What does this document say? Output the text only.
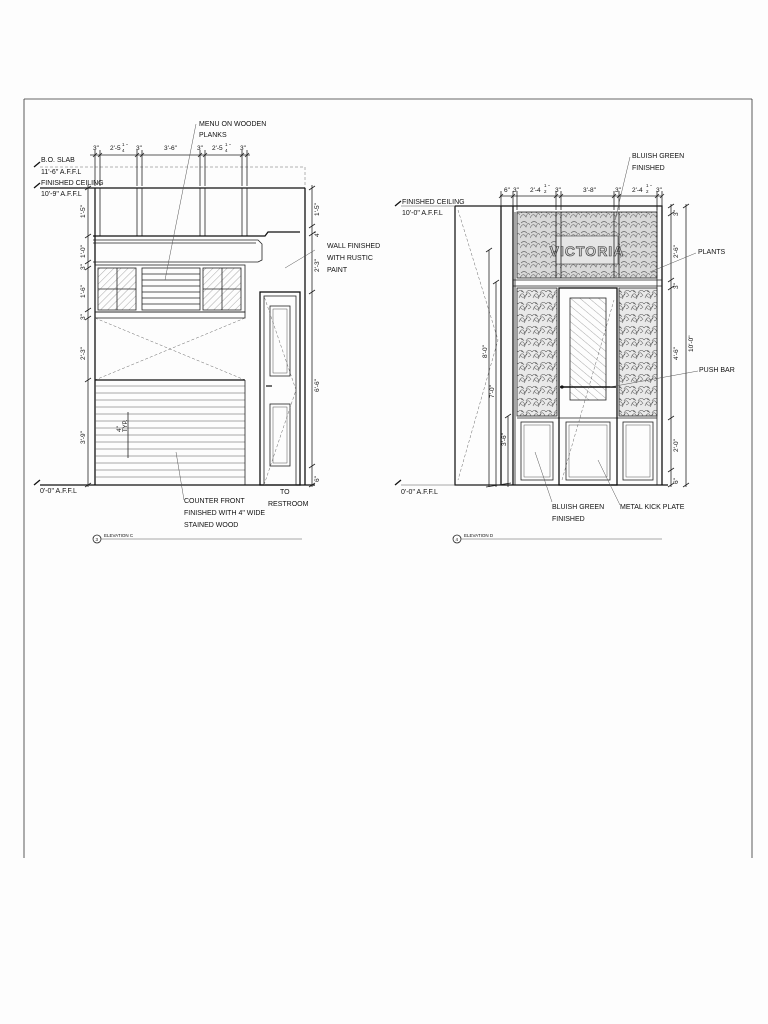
3" 2'-5
1
4
" 3"	3'-6"	3" 2'-5
1
4
" 3"
1'-5"
1'-0"
3"
1'-6"
3"
2'-3"
3'-9"
1'-5"
4"
2'-3"
6'-6"
6"
4" TYP.
B.O. SLAB
11'-6" A.F.F.L
FINISHED CEILING
10'-9" A.F.F.L
0'-0" A.F.F.L
MENU ON WOODEN
PLANKS
WALL FINISHED
WITH RUSTIC
PAINT
COUNTER FRONT
FINISHED WITH 4" WIDE
STAINED WOOD
TO
RESTROOM
3
ELEVATION C
VICTORIA
6" 3" 2'-4
1
2
"
3"	3'-8"	3" 2'-4
1
2
"
3"
8'-0"
7'-0"
3'-6"
3"
2'-6"
3"
4'-6"
10'-0"
2'-0"
6"
FINISHED CEILING
10'-0" A.F.F.L
0'-0" A.F.F.L
BLUISH GREEN
FINISHED
PLANTS
PUSH BAR
BLUISH GREEN
FINISHED
METAL KICK PLATE
4
ELEVATION D
